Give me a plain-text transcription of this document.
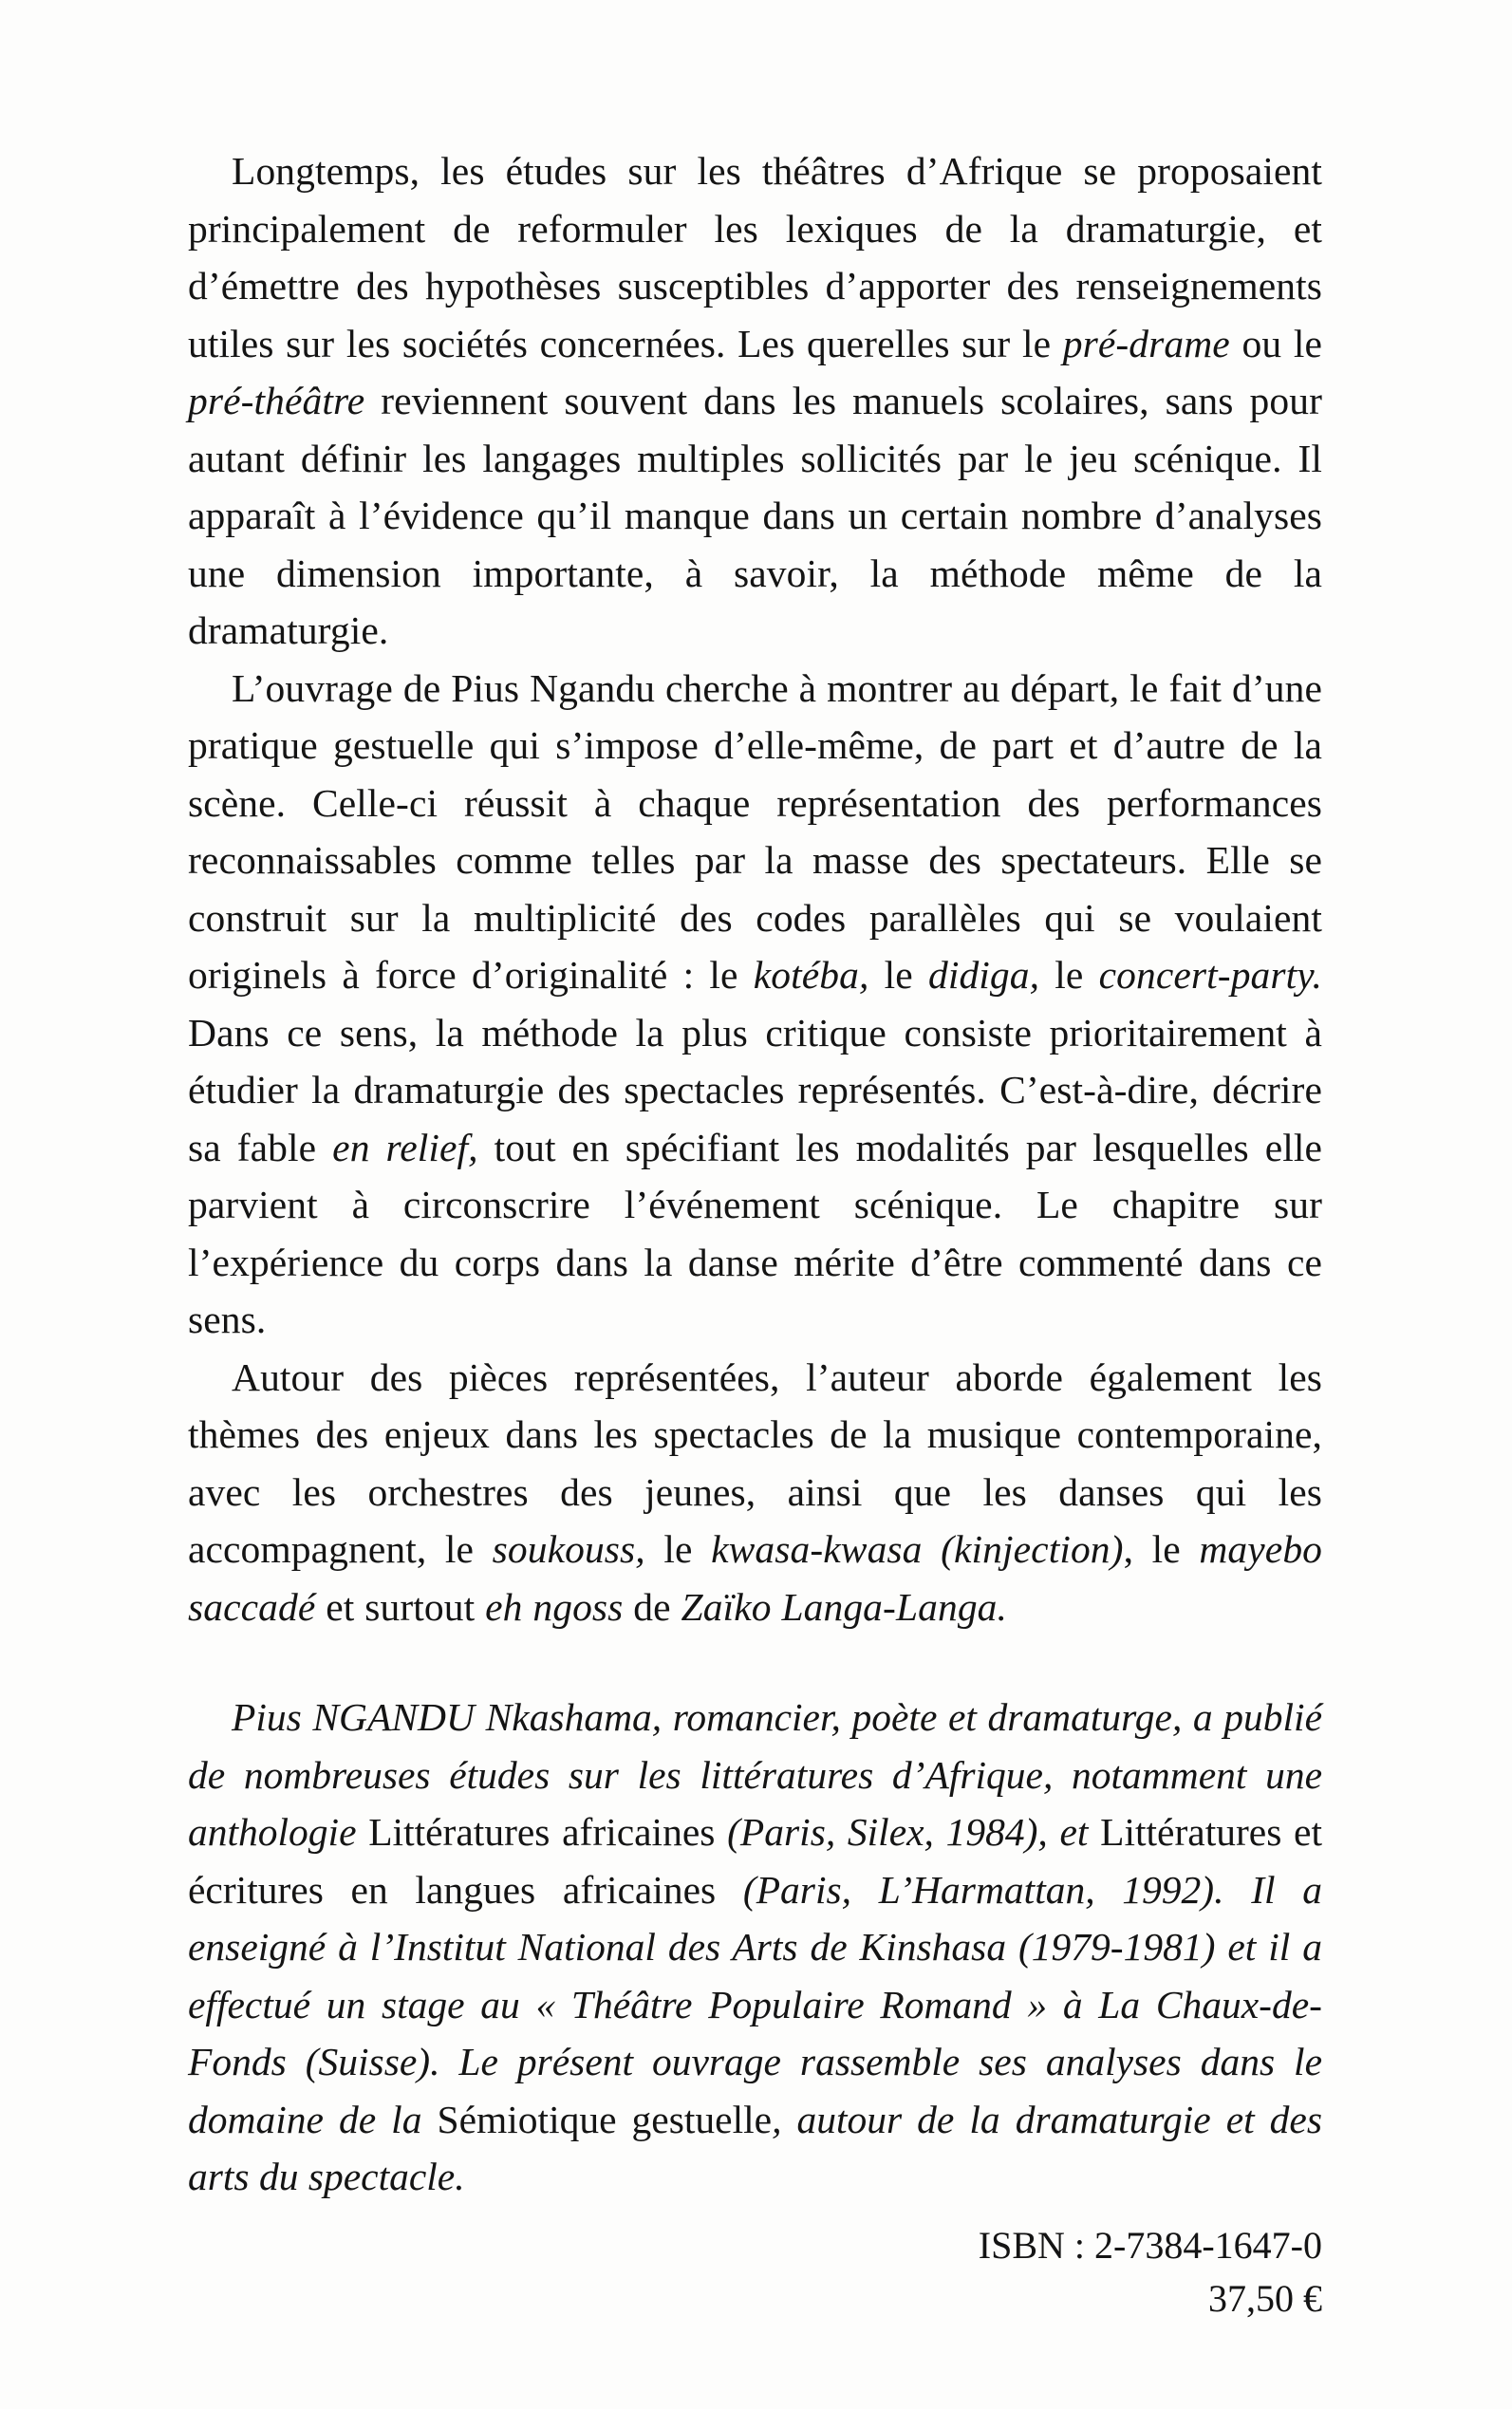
Longtemps, les études sur les théâtres d’Afrique se proposaient principalement de reformuler les lexiques de la dramaturgie, et d’émettre des hypothèses susceptibles d’apporter des renseignements utiles sur les sociétés concernées. Les querelles sur le pré-drame ou le pré-théâtre reviennent souvent dans les manuels scolaires, sans pour autant définir les langages multiples sollicités par le jeu scénique. Il apparaît à l’évidence qu’il manque dans un certain nombre d’analyses une dimension importante, à savoir, la méthode même de la dramaturgie.

L’ouvrage de Pius Ngandu cherche à montrer au départ, le fait d’une pratique gestuelle qui s’impose d’elle-même, de part et d’autre de la scène. Celle-ci réussit à chaque représentation des performances reconnaissables comme telles par la masse des spectateurs. Elle se construit sur la multiplicité des codes parallèles qui se voulaient originels à force d’originalité : le kotéba, le didiga, le concert-party. Dans ce sens, la méthode la plus critique consiste prioritairement à étudier la dramaturgie des spectacles représentés. C’est-à-dire, décrire sa fable en relief, tout en spécifiant les modalités par lesquelles elle parvient à circonscrire l’événement scénique. Le chapitre sur l’expérience du corps dans la danse mérite d’être commenté dans ce sens.

Autour des pièces représentées, l’auteur aborde également les thèmes des enjeux dans les spectacles de la musique contemporaine, avec les orchestres des jeunes, ainsi que les danses qui les accompagnent, le soukouss, le kwasa-kwasa (kinjection), le mayebo saccadé et surtout eh ngoss de Zaïko Langa-Langa.

Pius NGANDU Nkashama, romancier, poète et dramaturge, a publié de nombreuses études sur les littératures d’Afrique, notamment une anthologie Littératures africaines (Paris, Silex, 1984), et Littératures et écritures en langues africaines (Paris, L’Harmattan, 1992). Il a enseigné à l’Institut National des Arts de Kinshasa (1979-1981) et il a effectué un stage au « Théâtre Populaire Romand » à La Chaux-de-Fonds (Suisse). Le présent ouvrage rassemble ses analyses dans le domaine de la Sémiotique gestuelle, autour de la dramaturgie et des arts du spectacle.

ISBN : 2-7384-1647-0
37,50 €
